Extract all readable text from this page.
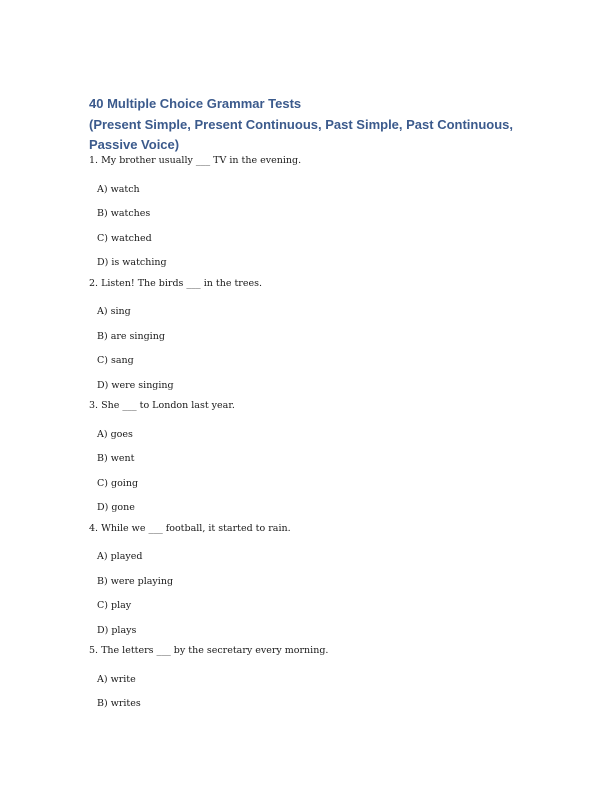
40 Multiple Choice Grammar Tests
(Present Simple, Present Continuous, Past Simple, Past Continuous,
Passive Voice)
1. My brother usually ___ TV in the evening.
A) watch
B) watches
C) watched
D) is watching
2. Listen! The birds ___ in the trees.
A) sing
B) are singing
C) sang
D) were singing
3. She ___ to London last year.
A) goes
B) went
C) going
D) gone
4. While we ___ football, it started to rain.
A) played
B) were playing
C) play
D) plays
5. The letters ___ by the secretary every morning.
A) write
B) writes
